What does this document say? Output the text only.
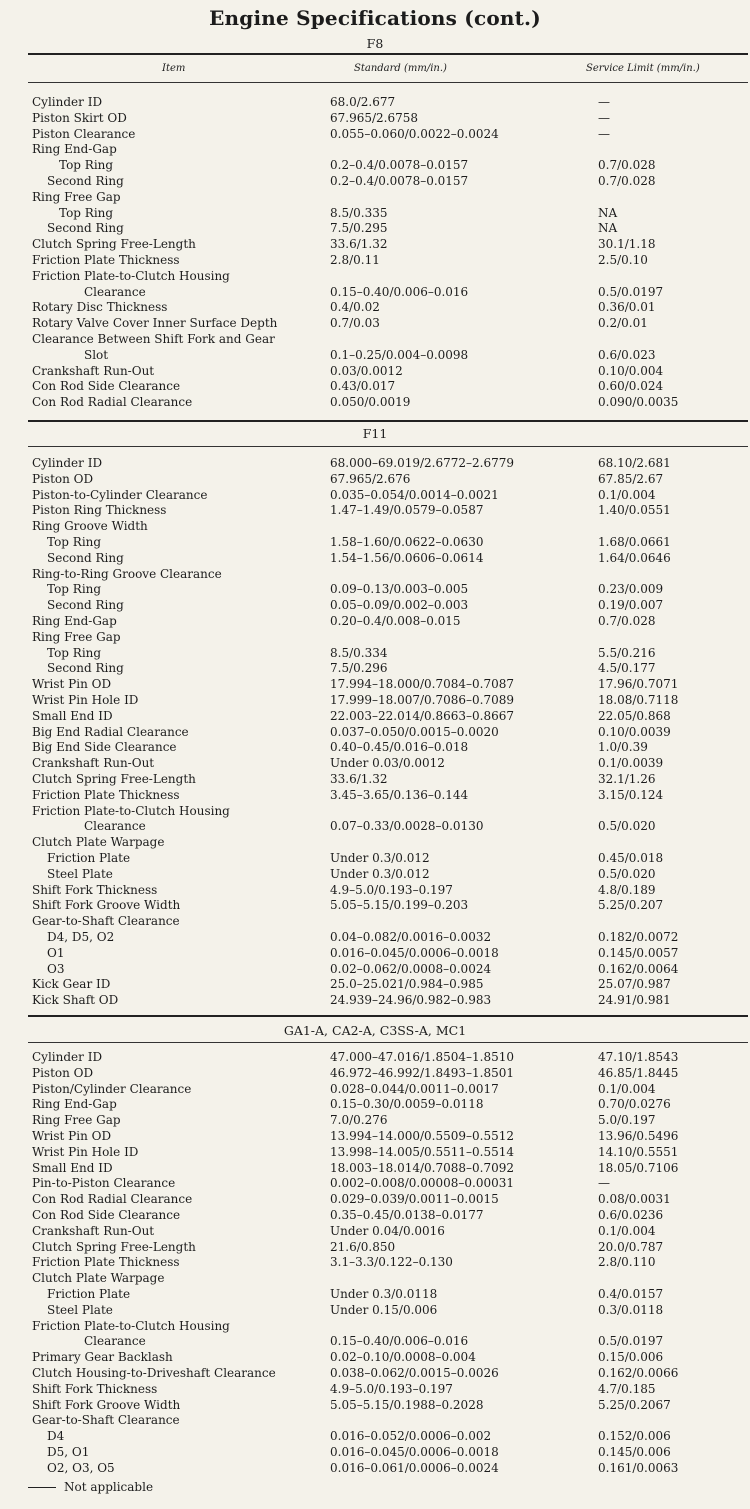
Engine Specifications (cont.)
F8
Item	Standard (mm/in.)	Service Limit (mm/in.)
Cylinder ID	68.0/2.677	—
Piston Skirt OD	67.965/2.6758	—
Piston Clearance	0.055–0.060/0.0022–0.0024	—
Ring End-Gap
Top Ring	0.2–0.4/0.0078–0.0157	0.7/0.028
Second Ring	0.2–0.4/0.0078–0.0157	0.7/0.028
Ring Free Gap
Top Ring	8.5/0.335	NA
Second Ring	7.5/0.295	NA
Clutch Spring Free-Length	33.6/1.32	30.1/1.18
Friction Plate Thickness	2.8/0.11	2.5/0.10
Friction Plate-to-Clutch Housing
Clearance	0.15–0.40/0.006–0.016	0.5/0.0197
Rotary Disc Thickness	0.4/0.02	0.36/0.01
Rotary Valve Cover Inner Surface Depth	0.7/0.03	0.2/0.01
Clearance Between Shift Fork and Gear
Slot	0.1–0.25/0.004–0.0098	0.6/0.023
Crankshaft Run-Out	0.03/0.0012	0.10/0.004
Con Rod Side Clearance	0.43/0.017	0.60/0.024
Con Rod Radial Clearance	0.050/0.0019	0.090/0.0035
F11
Cylinder ID	68.000–69.019/2.6772–2.6779	68.10/2.681
Piston OD	67.965/2.676	67.85/2.67
Piston-to-Cylinder Clearance	0.035–0.054/0.0014–0.0021	0.1/0.004
Piston Ring Thickness	1.47–1.49/0.0579–0.0587	1.40/0.0551
Ring Groove Width
Top Ring	1.58–1.60/0.0622–0.0630	1.68/0.0661
Second Ring	1.54–1.56/0.0606–0.0614	1.64/0.0646
Ring-to-Ring Groove Clearance
Top Ring	0.09–0.13/0.003–0.005	0.23/0.009
Second Ring	0.05–0.09/0.002–0.003	0.19/0.007
Ring End-Gap	0.20–0.4/0.008–0.015	0.7/0.028
Ring Free Gap
Top Ring	8.5/0.334	5.5/0.216
Second Ring	7.5/0.296	4.5/0.177
Wrist Pin OD	17.994–18.000/0.7084–0.7087	17.96/0.7071
Wrist Pin Hole ID	17.999–18.007/0.7086–0.7089	18.08/0.7118
Small End ID	22.003–22.014/0.8663–0.8667	22.05/0.868
Big End Radial Clearance	0.037–0.050/0.0015–0.0020	0.10/0.0039
Big End Side Clearance	0.40–0.45/0.016–0.018	1.0/0.39
Crankshaft Run-Out	Under 0.03/0.0012	0.1/0.0039
Clutch Spring Free-Length	33.6/1.32	32.1/1.26
Friction Plate Thickness	3.45–3.65/0.136–0.144	3.15/0.124
Friction Plate-to-Clutch Housing
Clearance	0.07–0.33/0.0028–0.0130	0.5/0.020
Clutch Plate Warpage
Friction Plate	Under 0.3/0.012	0.45/0.018
Steel Plate	Under 0.3/0.012	0.5/0.020
Shift Fork Thickness	4.9–5.0/0.193–0.197	4.8/0.189
Shift Fork Groove Width	5.05–5.15/0.199–0.203	5.25/0.207
Gear-to-Shaft Clearance
D4, D5, O2	0.04–0.082/0.0016–0.0032	0.182/0.0072
O1	0.016–0.045/0.0006–0.0018	0.145/0.0057
O3	0.02–0.062/0.0008–0.0024	0.162/0.0064
Kick Gear ID	25.0–25.021/0.984–0.985	25.07/0.987
Kick Shaft OD	24.939–24.96/0.982–0.983	24.91/0.981
GA1-A, CA2-A, C3SS-A, MC1
Cylinder ID	47.000–47.016/1.8504–1.8510	47.10/1.8543
Piston OD	46.972–46.992/1.8493–1.8501	46.85/1.8445
Piston/Cylinder Clearance	0.028–0.044/0.0011–0.0017	0.1/0.004
Ring End-Gap	0.15–0.30/0.0059–0.0118	0.70/0.0276
Ring Free Gap	7.0/0.276	5.0/0.197
Wrist Pin OD	13.994–14.000/0.5509–0.5512	13.96/0.5496
Wrist Pin Hole ID	13.998–14.005/0.5511–0.5514	14.10/0.5551
Small End ID	18.003–18.014/0.7088–0.7092	18.05/0.7106
Pin-to-Piston Clearance	0.002–0.008/0.00008–0.00031	—
Con Rod Radial Clearance	0.029–0.039/0.0011–0.0015	0.08/0.0031
Con Rod Side Clearance	0.35–0.45/0.0138–0.0177	0.6/0.0236
Crankshaft Run-Out	Under 0.04/0.0016	0.1/0.004
Clutch Spring Free-Length	21.6/0.850	20.0/0.787
Friction Plate Thickness	3.1–3.3/0.122–0.130	2.8/0.110
Clutch Plate Warpage
Friction Plate	Under 0.3/0.0118	0.4/0.0157
Steel Plate	Under 0.15/0.006	0.3/0.0118
Friction Plate-to-Clutch Housing
Clearance	0.15–0.40/0.006–0.016	0.5/0.0197
Primary Gear Backlash	0.02–0.10/0.0008–0.004	0.15/0.006
Clutch Housing-to-Driveshaft Clearance	0.038–0.062/0.0015–0.0026	0.162/0.0066
Shift Fork Thickness	4.9–5.0/0.193–0.197	4.7/0.185
Shift Fork Groove Width	5.05–5.15/0.1988–0.2028	5.25/0.2067
Gear-to-Shaft Clearance
D4	0.016–0.052/0.0006–0.002	0.152/0.006
D5, O1	0.016–0.045/0.0006–0.0018	0.145/0.006
O2, O3, O5	0.016–0.061/0.0006–0.0024	0.161/0.0063
Not applicable
